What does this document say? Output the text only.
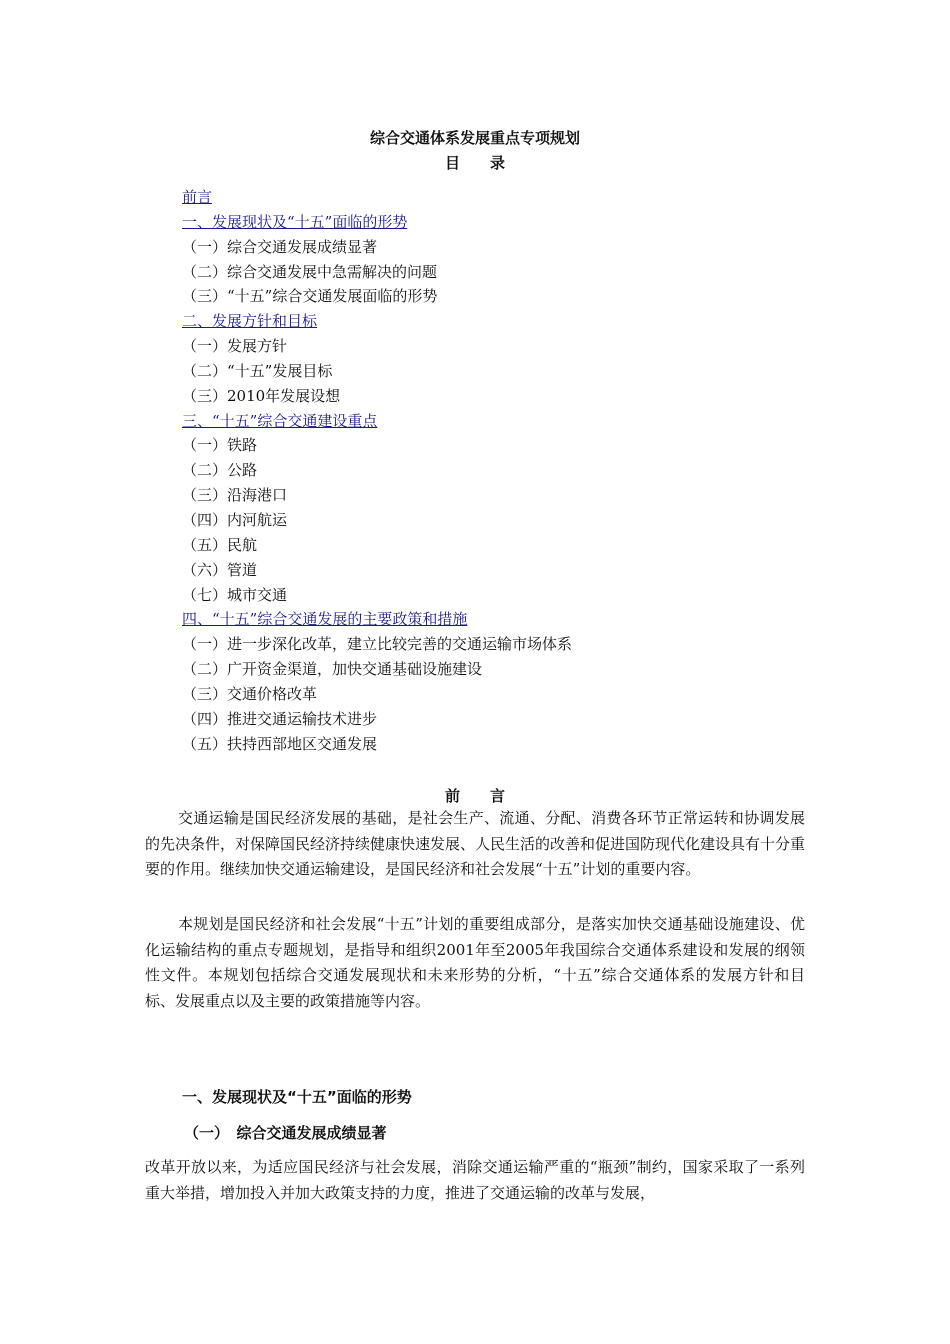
综合交通体系发展重点专项规划
目　　录
前言
一、发展现状及“十五”面临的形势
（一）综合交通发展成绩显著
（二）综合交通发展中急需解决的问题
（三）“十五”综合交通发展面临的形势
二、发展方针和目标
（一）发展方针
（二）“十五”发展目标
（三）2010年发展设想
三、“十五”综合交通建设重点
（一）铁路
（二）公路
（三）沿海港口
（四）内河航运
（五）民航
（六）管道
（七）城市交通
四、“十五”综合交通发展的主要政策和措施
（一）进一步深化改革，建立比较完善的交通运输市场体系
（二）广开资金渠道，加快交通基础设施建设
（三）交通价格改革
（四）推进交通运输技术进步
（五）扶持西部地区交通发展
前　　言
交通运输是国民经济发展的基础，是社会生产、流通、分配、消费各环节正常运转和协调发展的先决条件，对保障国民经济持续健康快速发展、人民生活的改善和促进国防现代化建设具有十分重要的作用。继续加快交通运输建设，是国民经济和社会发展“十五”计划的重要内容。
本规划是国民经济和社会发展“十五”计划的重要组成部分，是落实加快交通基础设施建设、优化运输结构的重点专题规划，是指导和组织2001年至2005年我国综合交通体系建设和发展的纲领性文件。本规划包括综合交通发展现状和未来形势的分析，“十五”综合交通体系的发展方针和目标、发展重点以及主要的政策措施等内容。
一、发展现状及“十五”面临的形势
（一）　综合交通发展成绩显著
改革开放以来，为适应国民经济与社会发展，消除交通运输严重的“瓶颈”制约，国家采取了一系列重大举措，增加投入并加大政策支持的力度，推进了交通运输的改革与发展，
